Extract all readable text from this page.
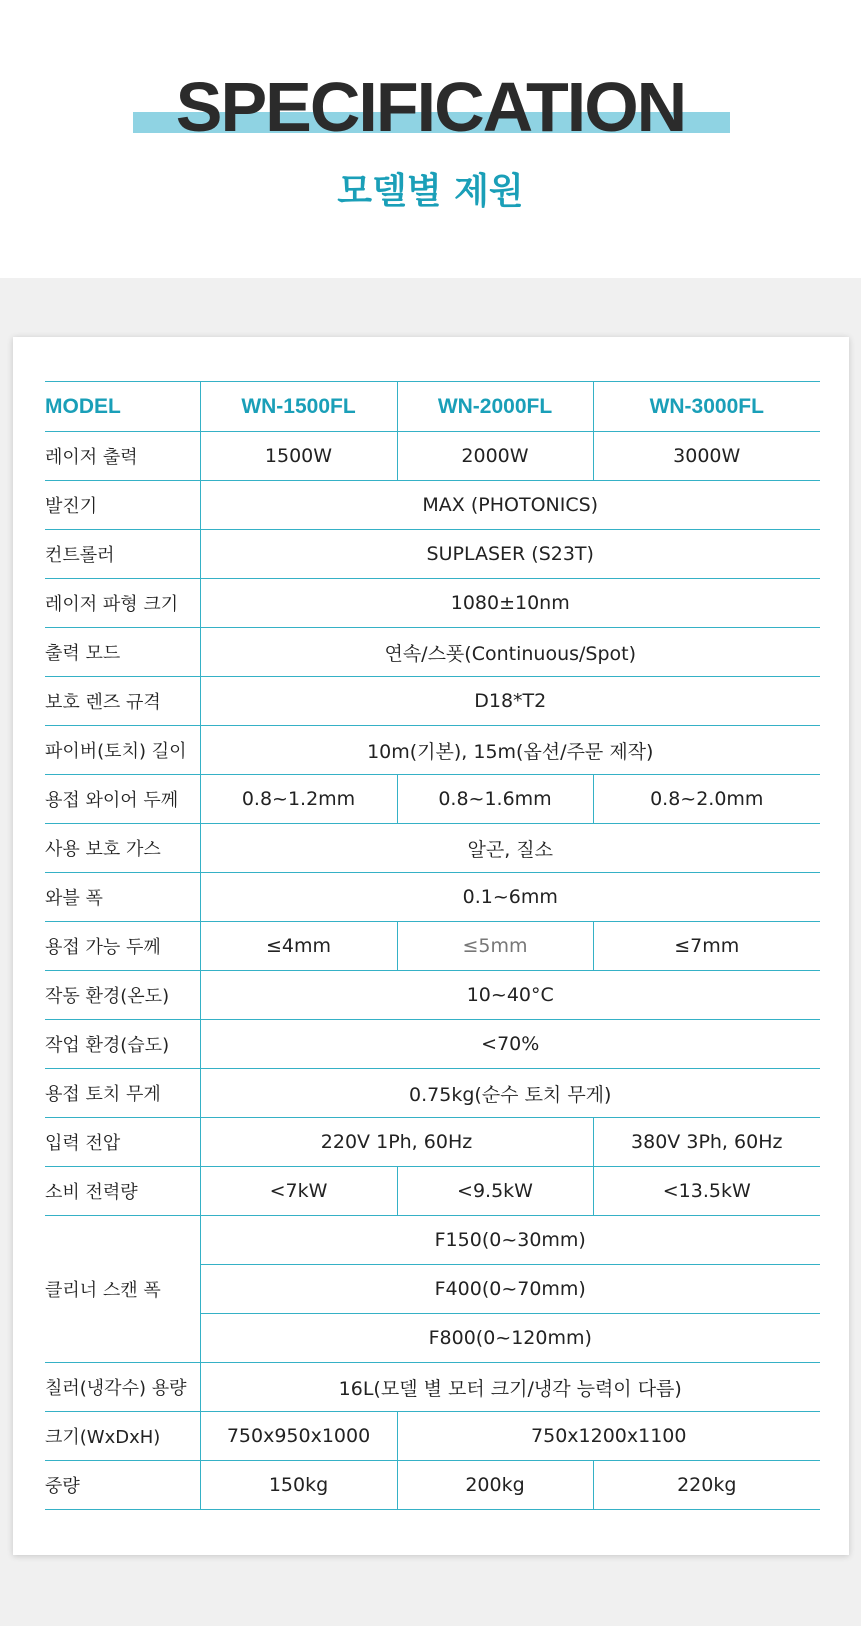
SPECIFICATION
모델별 제원
MODEL	WN-1500FL	WN-2000FL	WN-3000FL
레이저 출력	1500W	2000W	3000W
발진기	MAX (PHOTONICS)		
컨트롤러	SUPLASER (S23T)		
레이저 파형 크기	1080±10nm		
출력 모드	연속/스폿(Continuous/Spot)		
보호 렌즈 규격	D18*T2		
파이버(토치) 길이	10m(기본), 15m(옵션/주문 제작)		
용접 와이어 두께	0.8~1.2mm	0.8~1.6mm	0.8~2.0mm
사용 보호 가스	알곤, 질소		
와블 폭	0.1~6mm		
용접 가능 두께	≤4mm	≤5mm	≤7mm
작동 환경(온도)	10~40°C		
작업 환경(습도)	<70%		
용접 토치 무게	0.75kg(순수 토치 무게)		
입력 전압	220V 1Ph, 60Hz		380V 3Ph, 60Hz
소비 전력량	<7kW	<9.5kW	<13.5kW
클리너 스캔 폭	F150(0~30mm)		
	F400(0~70mm)		
	F800(0~120mm)		
칠러(냉각수) 용량	16L(모델 별 모터 크기/냉각 능력이 다름)		
크기(WxDxH)	750x950x1000	750x1200x1100	
중량	150kg	200kg	220kg
